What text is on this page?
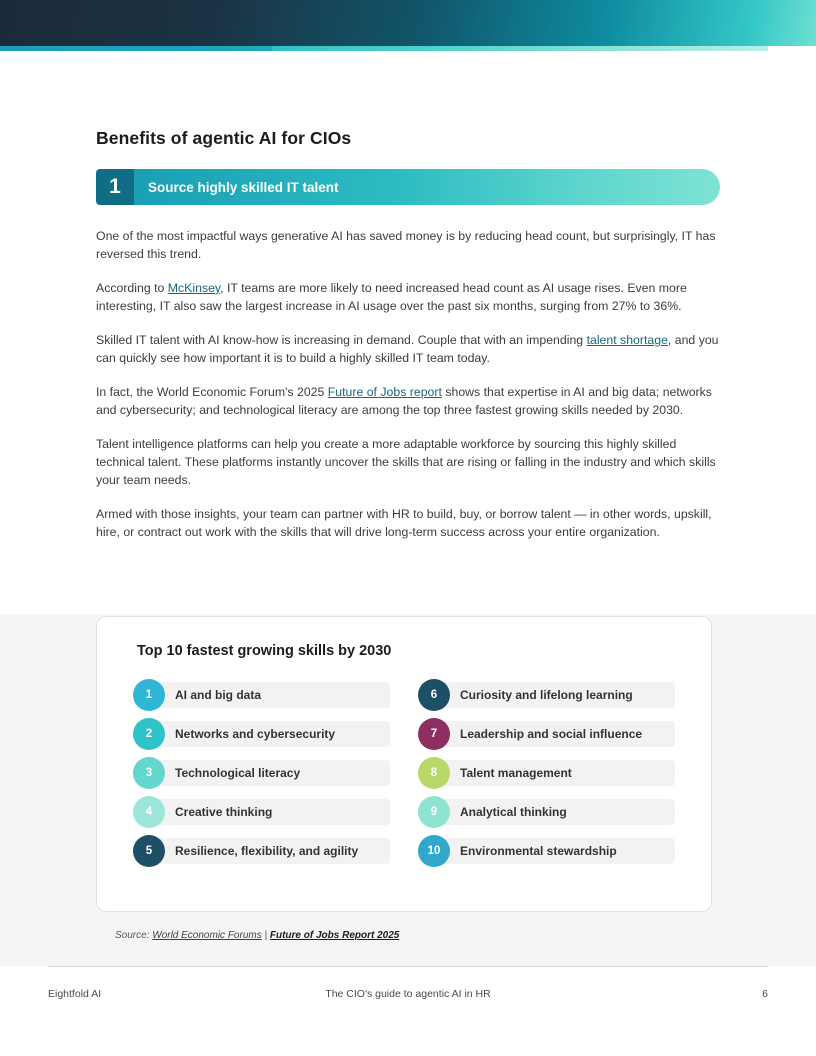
Benefits of agentic AI for CIOs
1	Source highly skilled IT talent

One of the most impactful ways generative AI has saved money is by reducing head count, but surprisingly, IT has reversed this trend.

According to McKinsey, IT teams are more likely to need increased head count as AI usage rises. Even more interesting, IT also saw the largest increase in AI usage over the past six months, surging from 27% to 36%.

Skilled IT talent with AI know-how is increasing in demand. Couple that with an impending talent shortage, and you can quickly see how important it is to build a highly skilled IT team today.

In fact, the World Economic Forum's 2025 Future of Jobs report shows that expertise in AI and big data; networks and cybersecurity; and technological literacy are among the top three fastest growing skills needed by 2030.

Talent intelligence platforms can help you create a more adaptable workforce by sourcing this highly skilled technical talent. These platforms instantly uncover the skills that are rising or falling in the industry and which skills your team needs.

Armed with those insights, your team can partner with HR to build, buy, or borrow talent — in other words, upskill, hire, or contract out work with the skills that will drive long-term success across your entire organization.

Top 10 fastest growing skills by 2030
1	AI and big data
2	Networks and cybersecurity
3	Technological literacy
4	Creative thinking
5	Resilience, flexibility, and agility
6	Curiosity and lifelong learning
7	Leadership and social influence
8	Talent management
9	Analytical thinking
10	Environmental stewardship
Source: World Economic Forums | Future of Jobs Report 2025
Eightfold AI	The CIO's guide to agentic AI in HR	6
